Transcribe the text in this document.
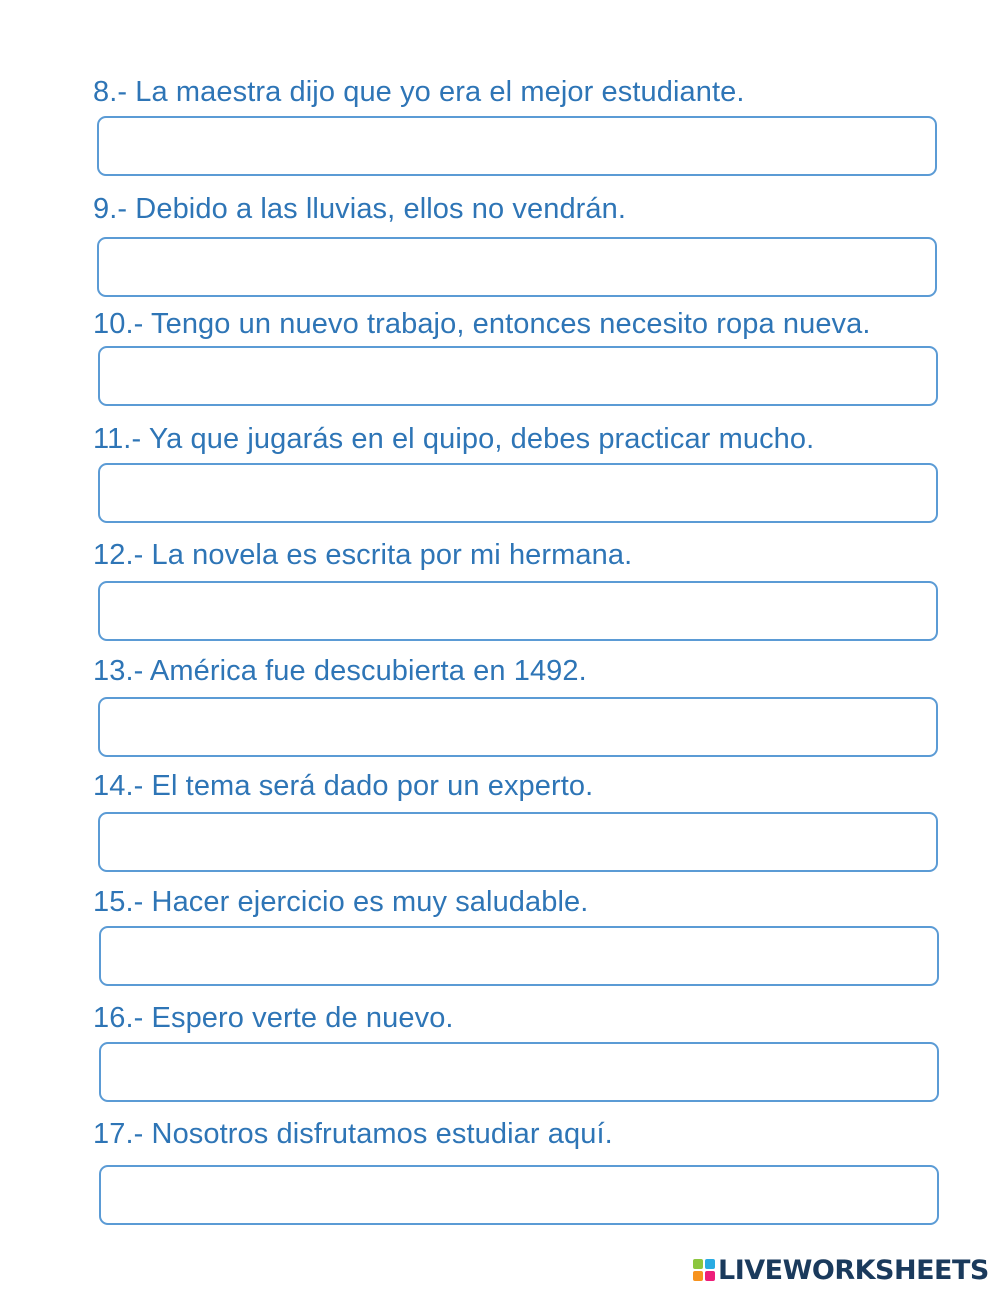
8.- La maestra dijo que yo era el mejor estudiante.
9.- Debido a las lluvias, ellos no vendrán.
10.- Tengo un nuevo trabajo, entonces necesito ropa nueva.
11.- Ya que jugarás en el quipo, debes practicar mucho.
12.- La novela es escrita por mi hermana.
13.- América fue descubierta en 1492.
14.- El tema será dado por un experto.
15.- Hacer ejercicio es muy saludable.
16.- Espero verte de nuevo.
17.- Nosotros disfrutamos estudiar aquí.
LIVEWORKSHEETS
